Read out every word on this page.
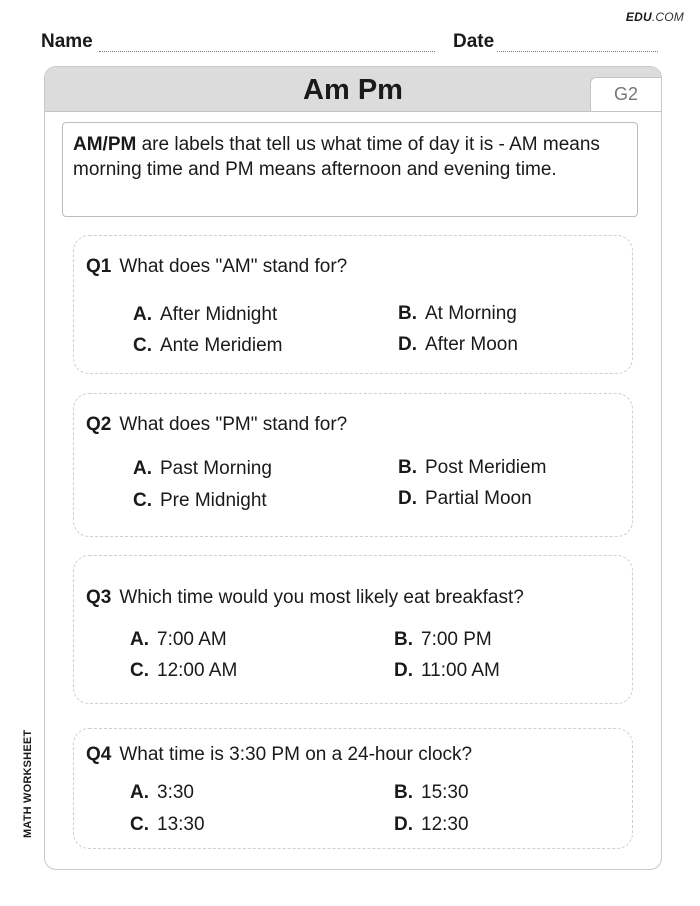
EDU.COM
Name	Date
Am Pm	G2
AM/PM are labels that tell us what time of day it is - AM means morning time and PM means afternoon and evening time.
Q1 What does "AM" stand for?
A. After Midnight	B. At Morning
C. Ante Meridiem	D. After Moon
Q2 What does "PM" stand for?
A. Past Morning	B. Post Meridiem
C. Pre Midnight	D. Partial Moon
Q3 Which time would you most likely eat breakfast?
A. 7:00 AM	B. 7:00 PM
C. 12:00 AM	D. 11:00 AM
Q4 What time is 3:30 PM on a 24-hour clock?
A. 3:30	B. 15:30
C. 13:30	D. 12:30
MATH WORKSHEET
